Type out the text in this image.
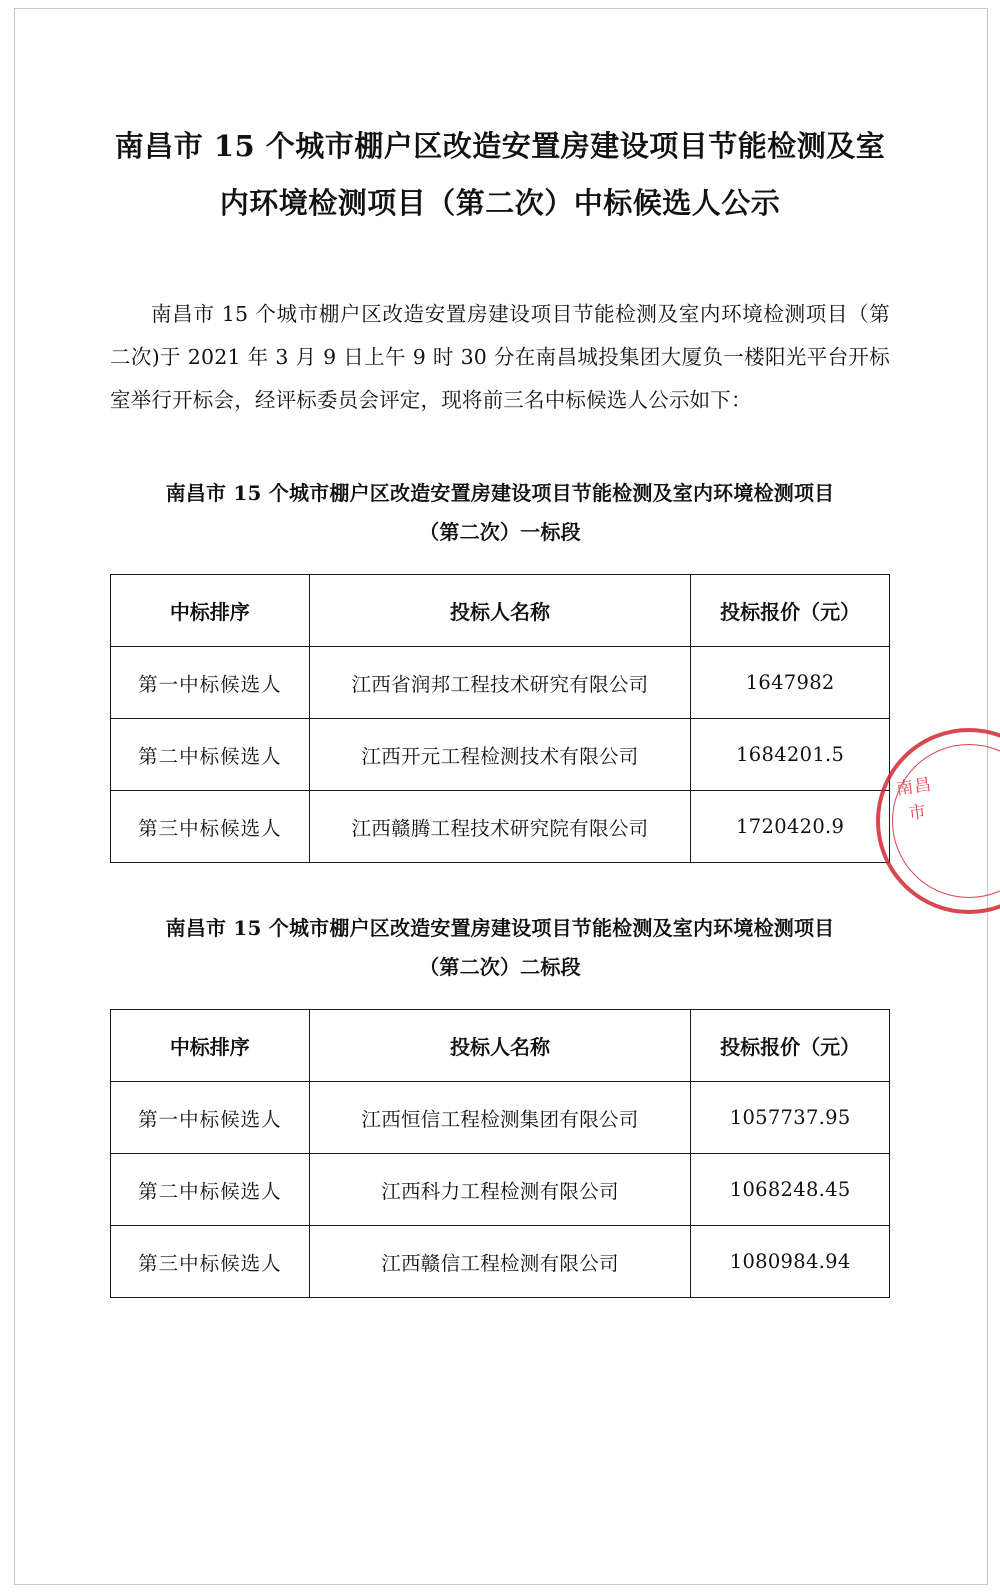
南昌市 15 个城市棚户区改造安置房建设项目节能检测及室内环境检测项目（第二次）中标候选人公示

南昌市 15 个城市棚户区改造安置房建设项目节能检测及室内环境检测项目（第二次)于 2021 年 3 月 9 日上午 9 时 30 分在南昌城投集团大厦负一楼阳光平台开标室举行开标会，经评标委员会评定，现将前三名中标候选人公示如下：

南昌市 15 个城市棚户区改造安置房建设项目节能检测及室内环境检测项目
（第二次）一标段
中标排序	投标人名称	投标报价（元）
第一中标候选人	江西省润邦工程技术研究有限公司	1647982
第二中标候选人	江西开元工程检测技术有限公司	1684201.5
第三中标候选人	江西赣腾工程技术研究院有限公司	1720420.9
南昌市 15 个城市棚户区改造安置房建设项目节能检测及室内环境检测项目
（第二次）二标段
中标排序	投标人名称	投标报价（元）
第一中标候选人	江西恒信工程检测集团有限公司	1057737.95
第二中标候选人	江西科力工程检测有限公司	1068248.45
第三中标候选人	江西赣信工程检测有限公司	1080984.94
南昌市
